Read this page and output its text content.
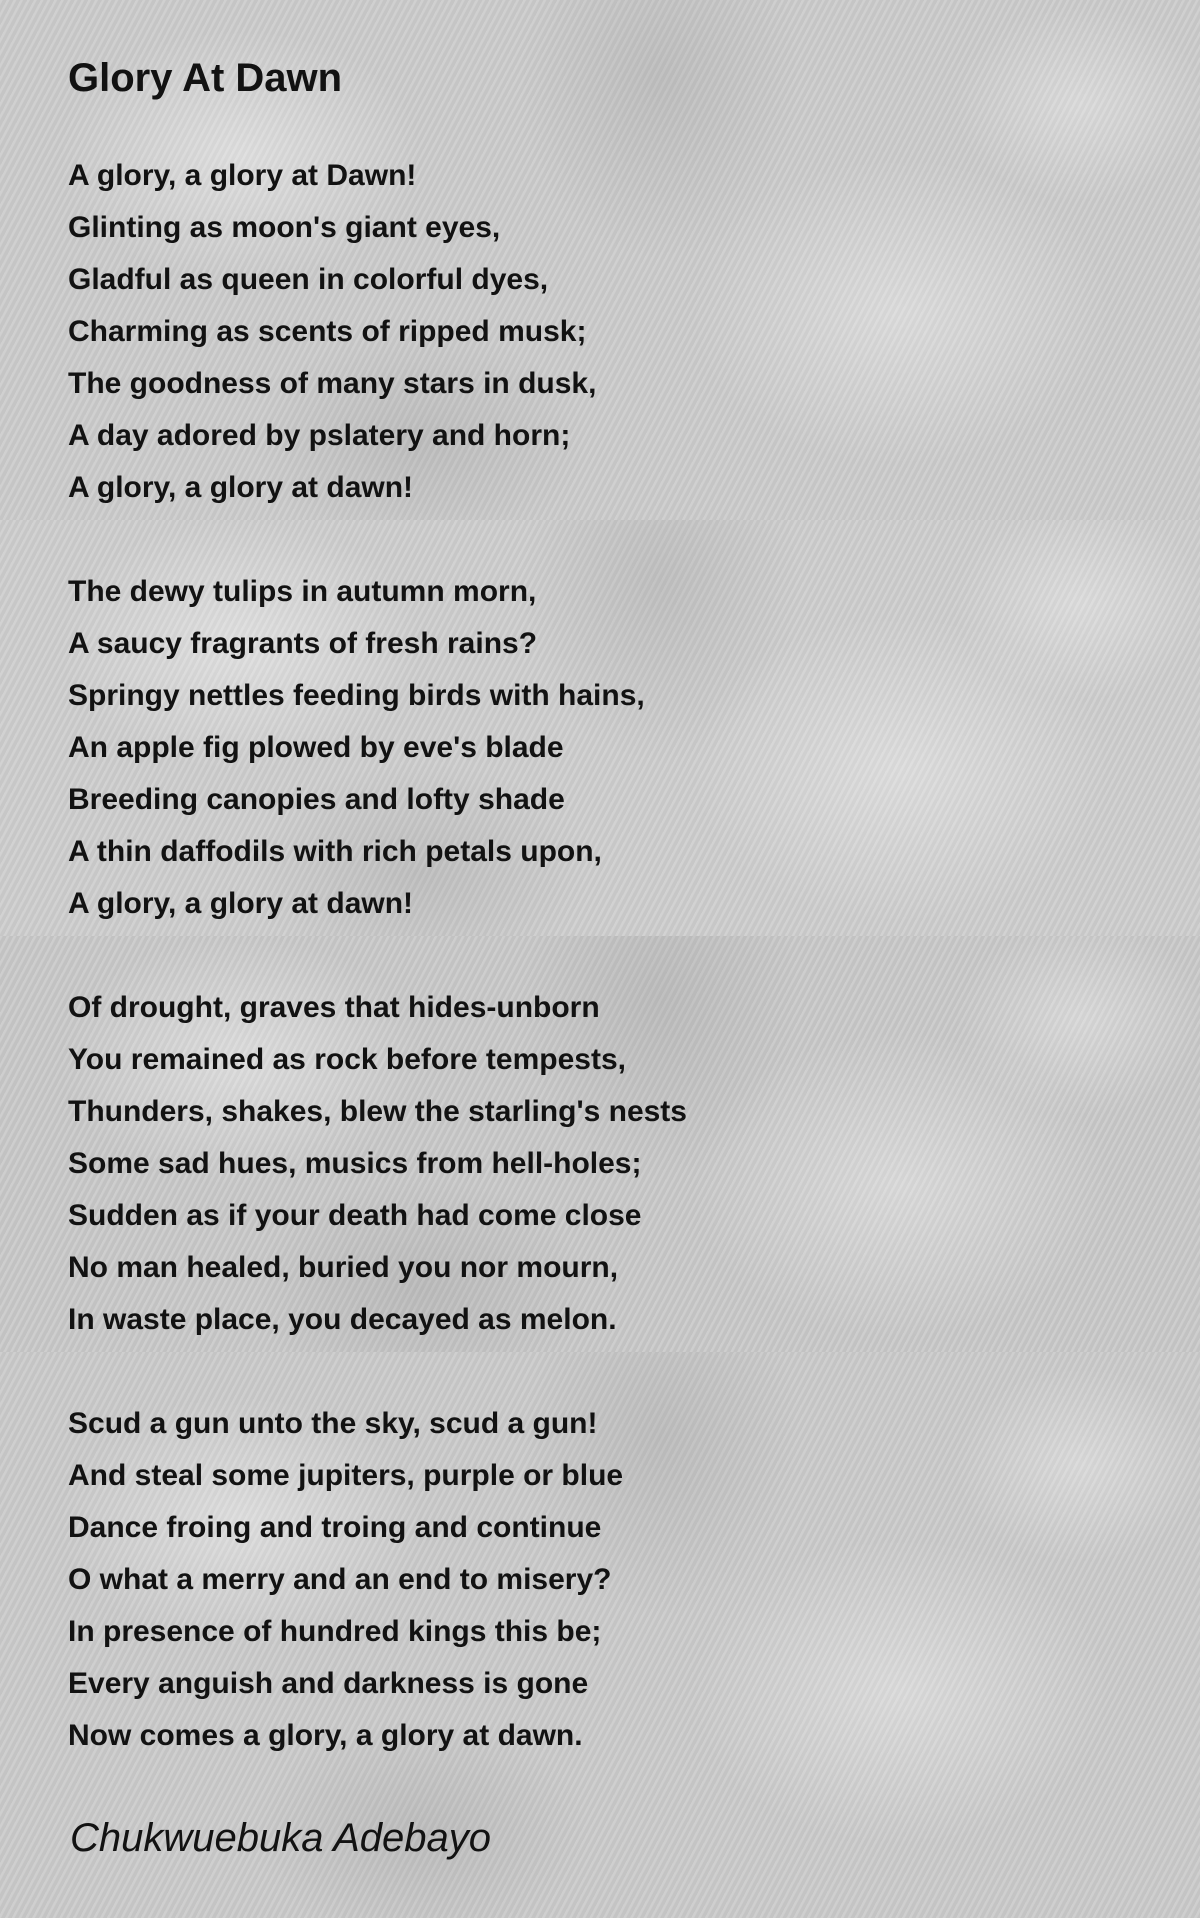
Glory At Dawn
A glory, a glory at Dawn!
Glinting as moon's giant eyes,
Gladful as queen in colorful dyes,
Charming as scents of ripped musk;
The goodness of many stars in dusk,
A day adored by pslatery and horn;
A glory, a glory at dawn!
The dewy tulips in autumn morn,
A saucy fragrants of fresh rains?
Springy nettles feeding birds with hains,
An apple fig plowed by eve's blade
Breeding canopies and lofty shade
A thin daffodils with rich petals upon,
A glory, a glory at dawn!
Of drought, graves that hides-unborn
You remained as rock before tempests,
Thunders, shakes, blew the starling's nests
Some sad hues, musics from hell-holes;
Sudden as if your death had come close
No man healed, buried you nor mourn,
In waste place, you decayed as melon.
Scud a gun unto the sky, scud a gun!
And steal some jupiters, purple or blue
Dance froing and troing and continue
O what a merry and an end to misery?
In presence of hundred kings this be;
Every anguish and darkness is gone
Now comes a glory, a glory at dawn.
Chukwuebuka Adebayo
